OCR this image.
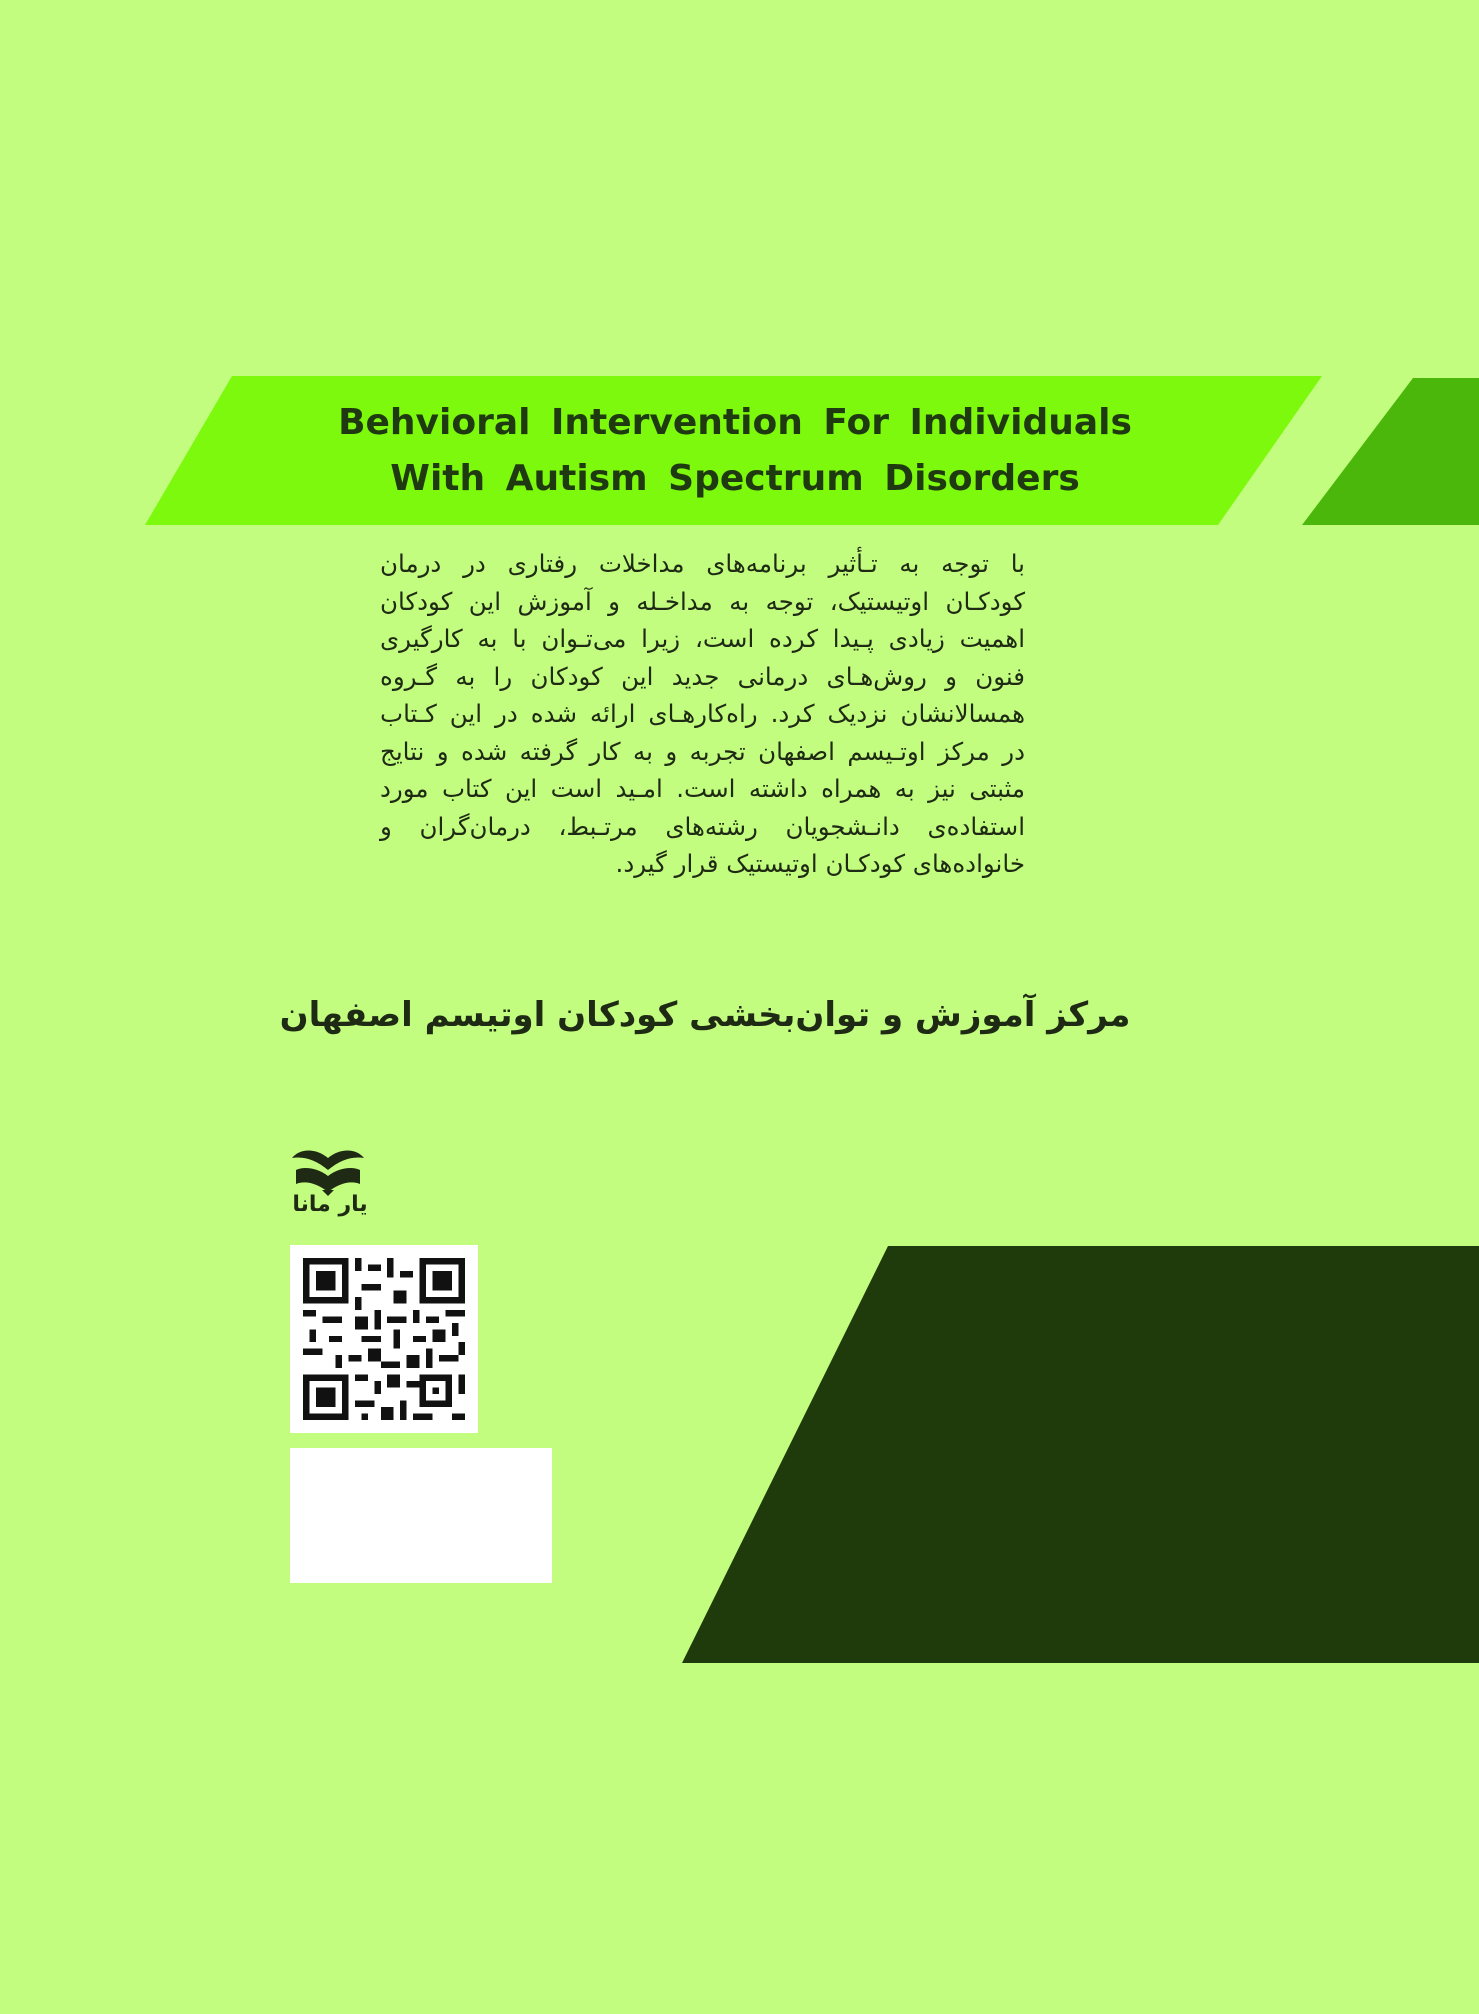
Behvioral Intervention For Individuals
With Autism Spectrum Disorders
با توجه به تـأثیر برنامه‌های مداخلات رفتاری در درمان
کودکـان اوتیستیک، توجه به مداخـله و آموزش این کودکان
اهمیت زیادی پـیدا کرده است، زیرا می‌تـوان با به کارگیری
فنون و روش‌هـای درمانی جدید این کودکان را به گـروه
همسالانشان نزدیک کرد. راه‌کارهـای ارائه شده در این کـتاب
در مرکز اوتـیسم اصفهان تجربه و به کار گرفته شده و نتایج
مثبتی نیز به همراه داشته است. امـید است این کتاب مورد
استفاده‌ی دانـشجویان رشته‌های مرتـبط، درمان‌گران و
خانواده‌های کودکـان اوتیستیک قرار گیرد.
مرکز آموزش و توان‌بخشی کودکان اوتیسم اصفهان
یار مانا
